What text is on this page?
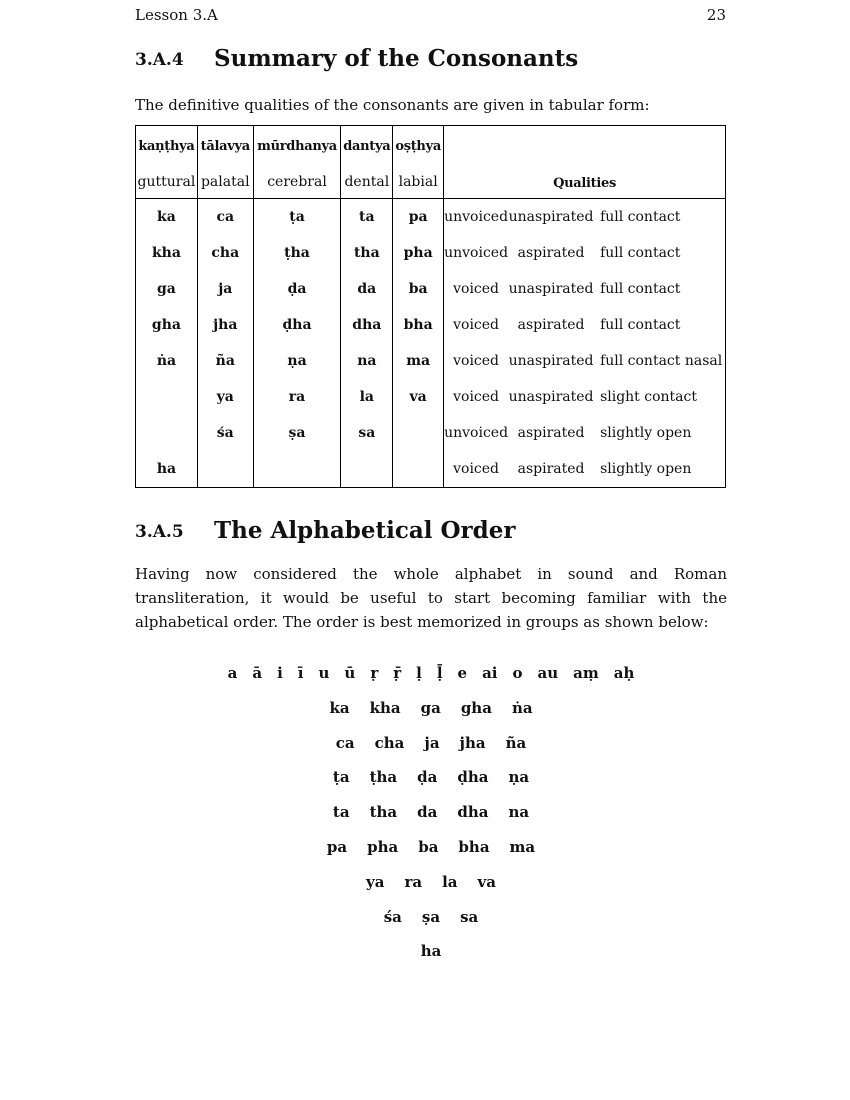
Lesson 3.A	23
3.A.4 Summary of the Consonants
The definitive qualities of the consonants are given in tabular form:
kaṇṭhya	tālavya	mūrdhanya	dantya	oṣṭhya	Qualities
guttural	palatal	cerebral	dental	labial	
ka	ca	ṭa	ta	pa	unvoiced unaspirated full contact

kha	cha	ṭha	tha	pha	unvoiced aspirated full contact

ga	ja	ḍa	da	ba	voiced unaspirated full contact

gha	jha	ḍha	dha	bha	voiced aspirated full contact

ṅa	ña	ṇa	na	ma	voiced unaspirated full contact nasal

	ya	ra	la	va	voiced unaspirated slight contact

	śa	ṣa	sa		unvoiced aspirated slightly open

ha					voiced aspirated slightly open
3.A.5 The Alphabetical Order
Having now considered the whole alphabet in sound and Roman transliteration, it would be useful to start becoming familiar with the alphabetical order. The order is best memorized in groups as shown below:
a ā i ī u ū ṛ ṝ ḷ ḹ e ai o au aṃ aḥ
ka kha ga gha ṅa
ca cha ja jha ña
ṭa ṭha ḍa ḍha ṇa
ta tha da dha na
pa pha ba bha ma
ya ra la va
śa ṣa sa
ha
